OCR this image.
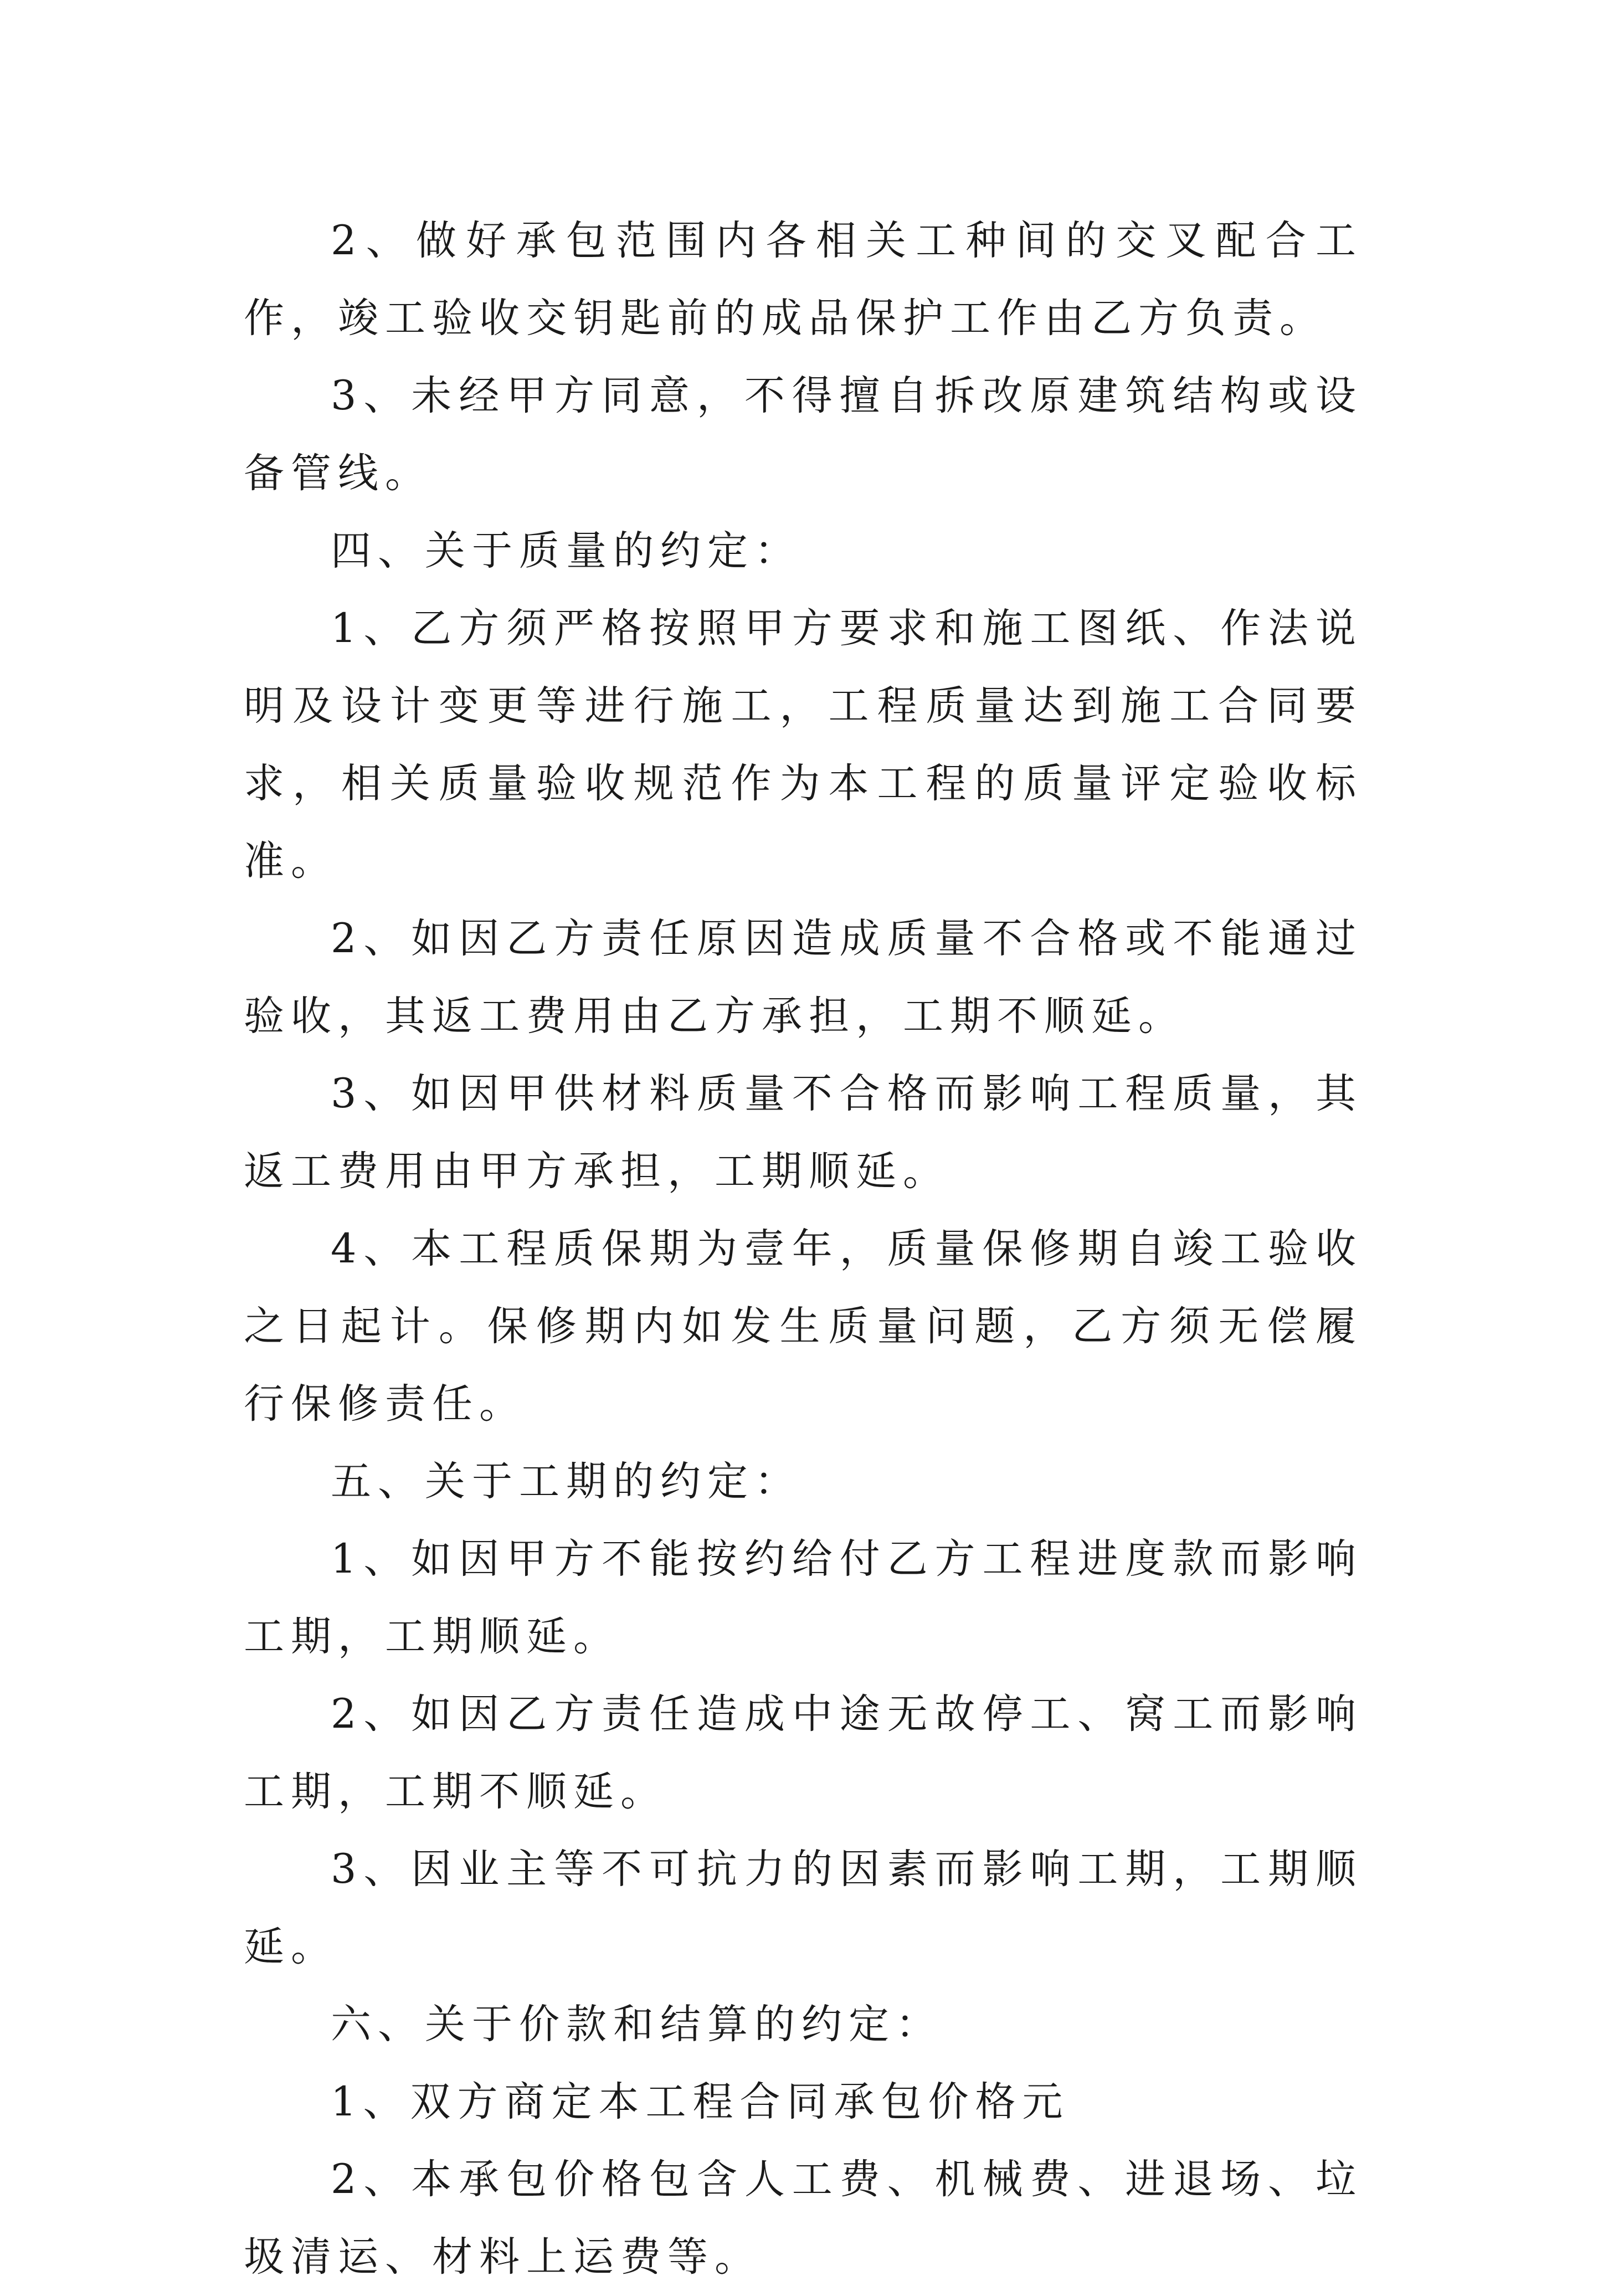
2、做好承包范围内各相关工种间的交叉配合工作，竣工验收交钥匙前的成品保护工作由乙方负责。

3、未经甲方同意，不得擅自拆改原建筑结构或设备管线。

四、关于质量的约定：

1、乙方须严格按照甲方要求和施工图纸、作法说明及设计变更等进行施工，工程质量达到施工合同要求，相关质量验收规范作为本工程的质量评定验收标准。

2、如因乙方责任原因造成质量不合格或不能通过验收，其返工费用由乙方承担，工期不顺延。

3、如因甲供材料质量不合格而影响工程质量，其返工费用由甲方承担，工期顺延。

4、本工程质保期为壹年，质量保修期自竣工验收之日起计。保修期内如发生质量问题，乙方须无偿履行保修责任。

五、关于工期的约定：

1、如因甲方不能按约给付乙方工程进度款而影响工期，工期顺延。

2、如因乙方责任造成中途无故停工、窝工而影响工期，工期不顺延。

3、因业主等不可抗力的因素而影响工期，工期顺延。

六、关于价款和结算的约定：

1、双方商定本工程合同承包价格元

2、本承包价格包含人工费、机械费、进退场、垃圾清运、材料上运费等。
